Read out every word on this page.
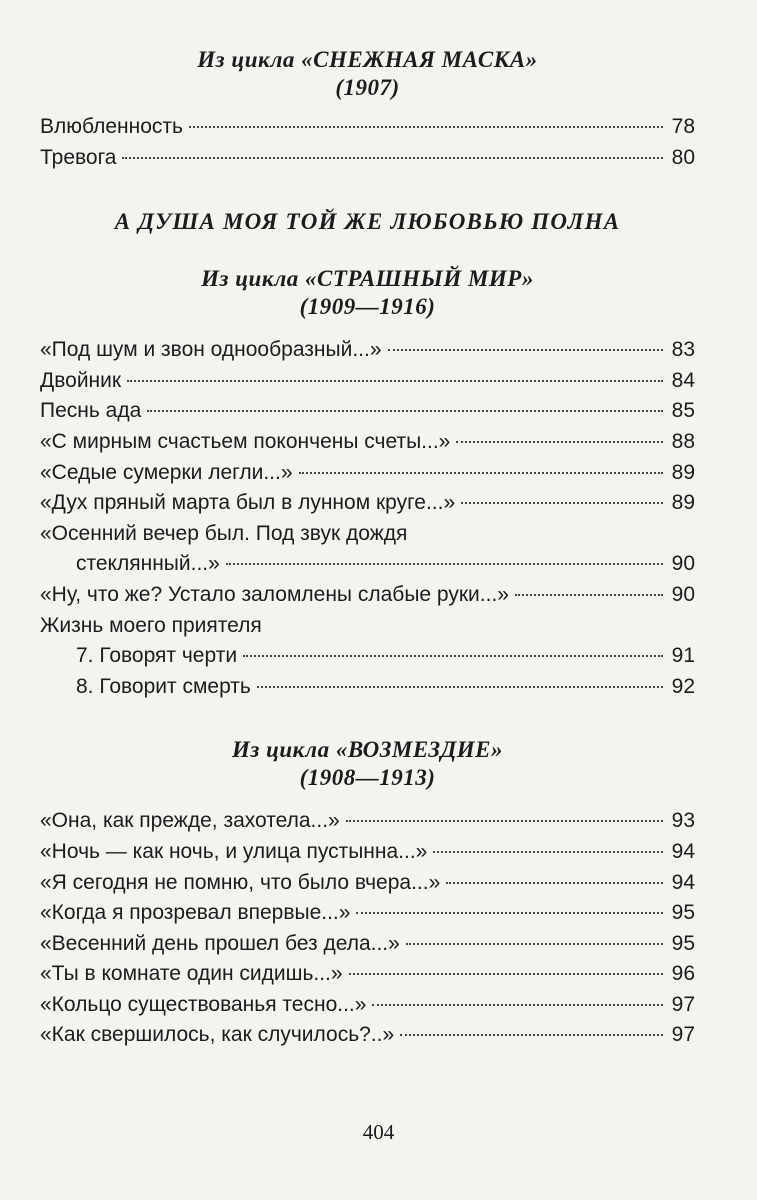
Из цикла «СНЕЖНАЯ МАСКА»
(1907)
Влюбленность	78
Тревога	80
А ДУША МОЯ ТОЙ ЖЕ ЛЮБОВЬЮ ПОЛНА
Из цикла «СТРАШНЫЙ МИР»
(1909—1916)
«Под шум и звон однообразный...»	83
Двойник	84
Песнь ада	85
«С мирным счастьем покончены счеты...»	88
«Седые сумерки легли...»	89
«Дух пряный марта был в лунном круге...»	89
«Осенний вечер был. Под звук дождя
стеклянный...»	90
«Ну, что же? Устало заломлены слабые руки...»	90
Жизнь моего приятеля
7. Говорят черти	91
8. Говорит смерть	92
Из цикла «ВОЗМЕЗДИЕ»
(1908—1913)
«Она, как прежде, захотела...»	93
«Ночь — как ночь, и улица пустынна...»	94
«Я сегодня не помню, что было вчера...»	94
«Когда я прозревал впервые...»	95
«Весенний день прошел без дела...»	95
«Ты в комнате один сидишь...»	96
«Кольцо существованья тесно...»	97
«Как свершилось, как случилось?..»	97
404
